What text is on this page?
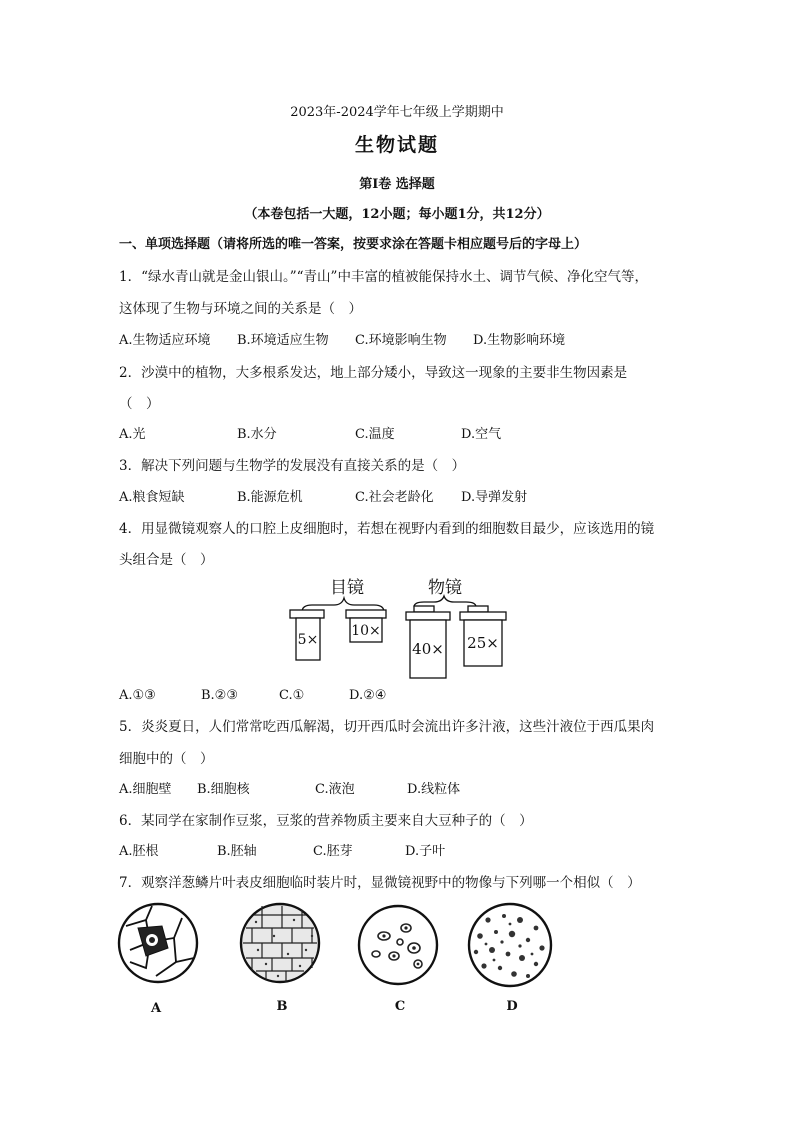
2023年-2024学年七年级上学期期中
生物试题
第Ⅰ卷 选择题
（本卷包括一大题，12小题；每小题1分，共12分）
一、单项选择题（请将所选的唯一答案，按要求涂在答题卡相应题号后的字母上）
1．“绿水青山就是金山银山。”“青山”中丰富的植被能保持水土、调节气候、净化空气等，
这体现了生物与环境之间的关系是（　）
A.生物适应环境 B.环境适应生物 C.环境影响生物 D.生物影响环境
2．沙漠中的植物，大多根系发达，地上部分矮小，导致这一现象的主要非生物因素是
（　）
A.光	B.水分	C.温度	D.空气
3．解决下列问题与生物学的发展没有直接关系的是（　）
A.粮食短缺	B.能源危机	C.社会老龄化 D.导弹发射
4．用显微镜观察人的口腔上皮细胞时，若想在视野内看到的细胞数目最少，应该选用的镜
头组合是（　）
目镜	物镜
5×
10×
40× 25×
A.①③	B.②③	C.①	D.②④
5．炎炎夏日，人们常常吃西瓜解渴，切开西瓜时会流出许多汁液，这些汁液位于西瓜果肉
细胞中的（　）
A.细胞壁 B.细胞核	C.液泡	D.线粒体
6．某同学在家制作豆浆，豆浆的营养物质主要来自大豆种子的（　）
A.胚根	B.胚轴	C.胚芽	D.子叶
7．观察洋葱鳞片叶表皮细胞临时装片时，显微镜视野中的物像与下列哪一个相似（　）
A	B	C	D
